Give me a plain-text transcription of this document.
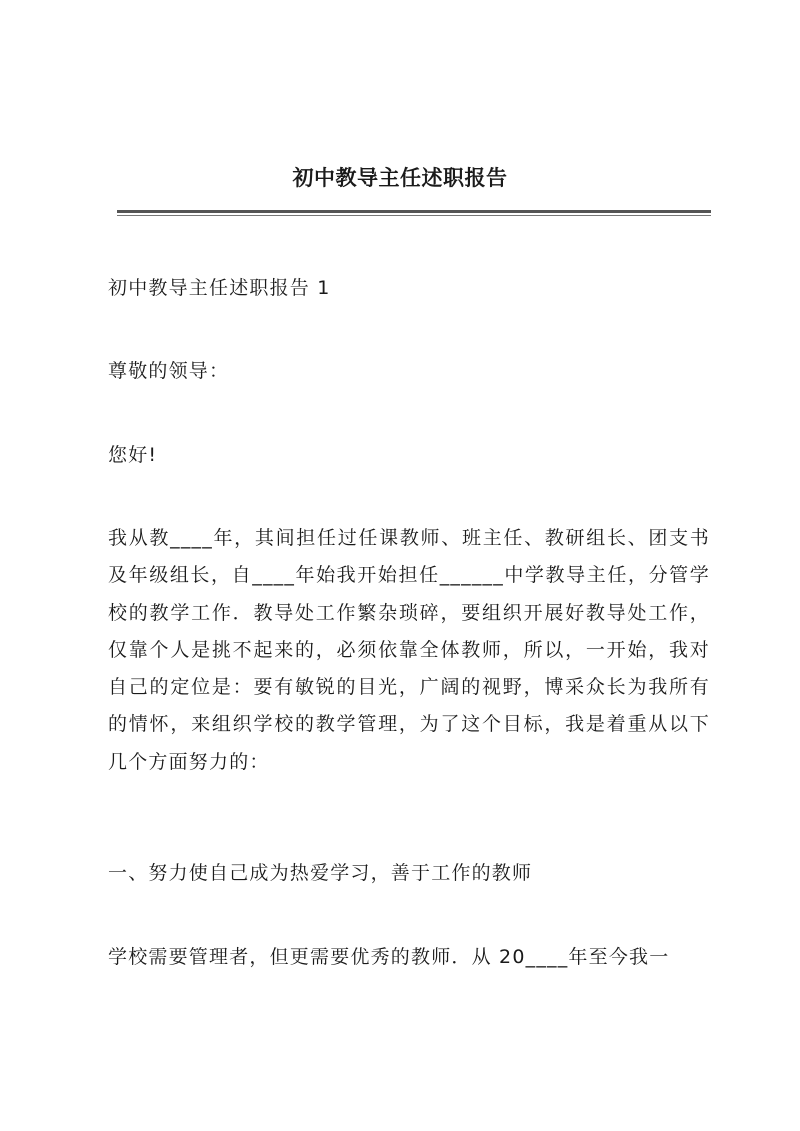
初中教导主任述职报告

初中教导主任述职报告 1

尊敬的领导：

您好!

我从教____年，其间担任过任课教师、班主任、教研组长、团支书及年级组长，自____年始我开始担任______中学教导主任，分管学校的教学工作．教导处工作繁杂琐碎，要组织开展好教导处工作，仅靠个人是挑不起来的，必须依靠全体教师，所以，一开始，我对自己的定位是：要有敏锐的目光，广阔的视野，博采众长为我所有的情怀，来组织学校的教学管理，为了这个目标，我是着重从以下几个方面努力的：

一、努力使自己成为热爱学习，善于工作的教师

学校需要管理者，但更需要优秀的教师．从 20____年至今我一
